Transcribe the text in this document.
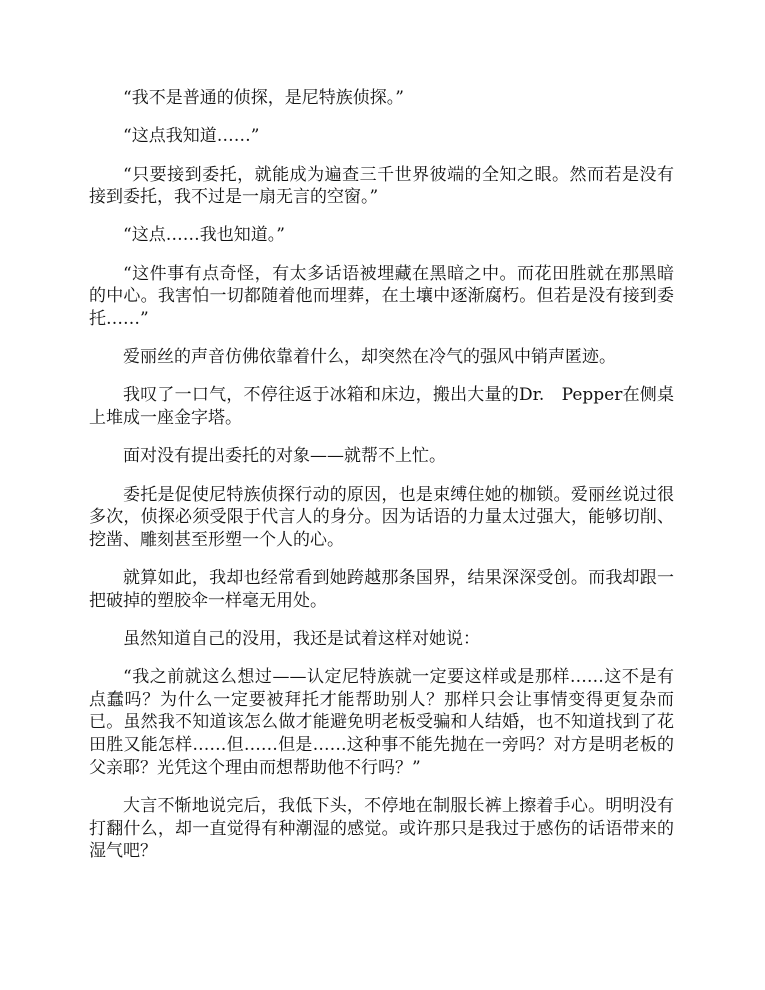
“我不是普通的侦探，是尼特族侦探。”

“这点我知道……”

“只要接到委托，就能成为遍查三千世界彼端的全知之眼。然而若是没有接到委托，我不过是一扇无言的空窗。”

“这点……我也知道。”

“这件事有点奇怪，有太多话语被埋藏在黑暗之中。而花田胜就在那黑暗的中心。我害怕一切都随着他而埋葬，在土壤中逐渐腐朽。但若是没有接到委托……”

爱丽丝的声音仿佛依靠着什么，却突然在冷气的强风中销声匿迹。

我叹了一口气，不停往返于冰箱和床边，搬出大量的Dr.　Pepper在侧桌上堆成一座金字塔。

面对没有提出委托的对象——就帮不上忙。

委托是促使尼特族侦探行动的原因，也是束缚住她的枷锁。爱丽丝说过很多次，侦探必须受限于代言人的身分。因为话语的力量太过强大，能够切削、挖凿、雕刻甚至形塑一个人的心。

就算如此，我却也经常看到她跨越那条国界，结果深深受创。而我却跟一把破掉的塑胶伞一样毫无用处。

虽然知道自己的没用，我还是试着这样对她说：

“我之前就这么想过——认定尼特族就一定要这样或是那样……这不是有点蠢吗？为什么一定要被拜托才能帮助别人？那样只会让事情变得更复杂而已。虽然我不知道该怎么做才能避免明老板受骗和人结婚，也不知道找到了花田胜又能怎样……但……但是……这种事不能先抛在一旁吗？对方是明老板的父亲耶？光凭这个理由而想帮助他不行吗？”

大言不惭地说完后，我低下头，不停地在制服长裤上擦着手心。明明没有打翻什么，却一直觉得有种潮湿的感觉。或许那只是我过于感伤的话语带来的湿气吧？
